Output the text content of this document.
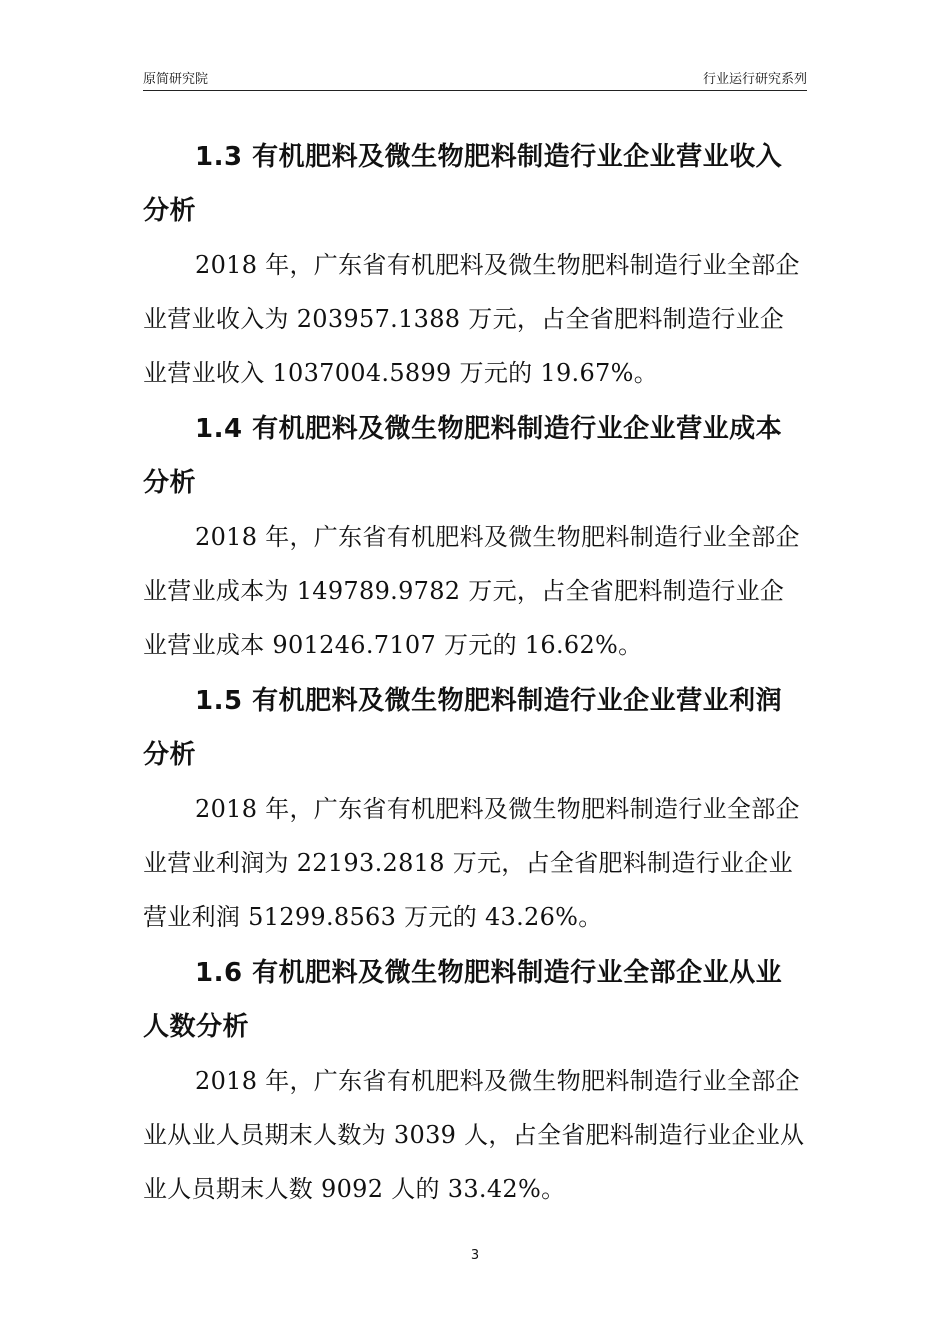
原简研究院	行业运行研究系列

1.3 有机肥料及微生物肥料制造行业企业营业收入分析

2018 年，广东省有机肥料及微生物肥料制造行业全部企业营业收入为 203957.1388 万元，占全省肥料制造行业企业营业收入 1037004.5899 万元的 19.67%。

1.4 有机肥料及微生物肥料制造行业企业营业成本分析

2018 年，广东省有机肥料及微生物肥料制造行业全部企业营业成本为 149789.9782 万元，占全省肥料制造行业企业营业成本 901246.7107 万元的 16.62%。

1.5 有机肥料及微生物肥料制造行业企业营业利润分析

2018 年，广东省有机肥料及微生物肥料制造行业全部企业营业利润为 22193.2818 万元，占全省肥料制造行业企业营业利润 51299.8563 万元的 43.26%。

1.6 有机肥料及微生物肥料制造行业全部企业从业人数分析

2018 年，广东省有机肥料及微生物肥料制造行业全部企业从业人员期末人数为 3039 人，占全省肥料制造行业企业从业人员期末人数 9092 人的 33.42%。

3
